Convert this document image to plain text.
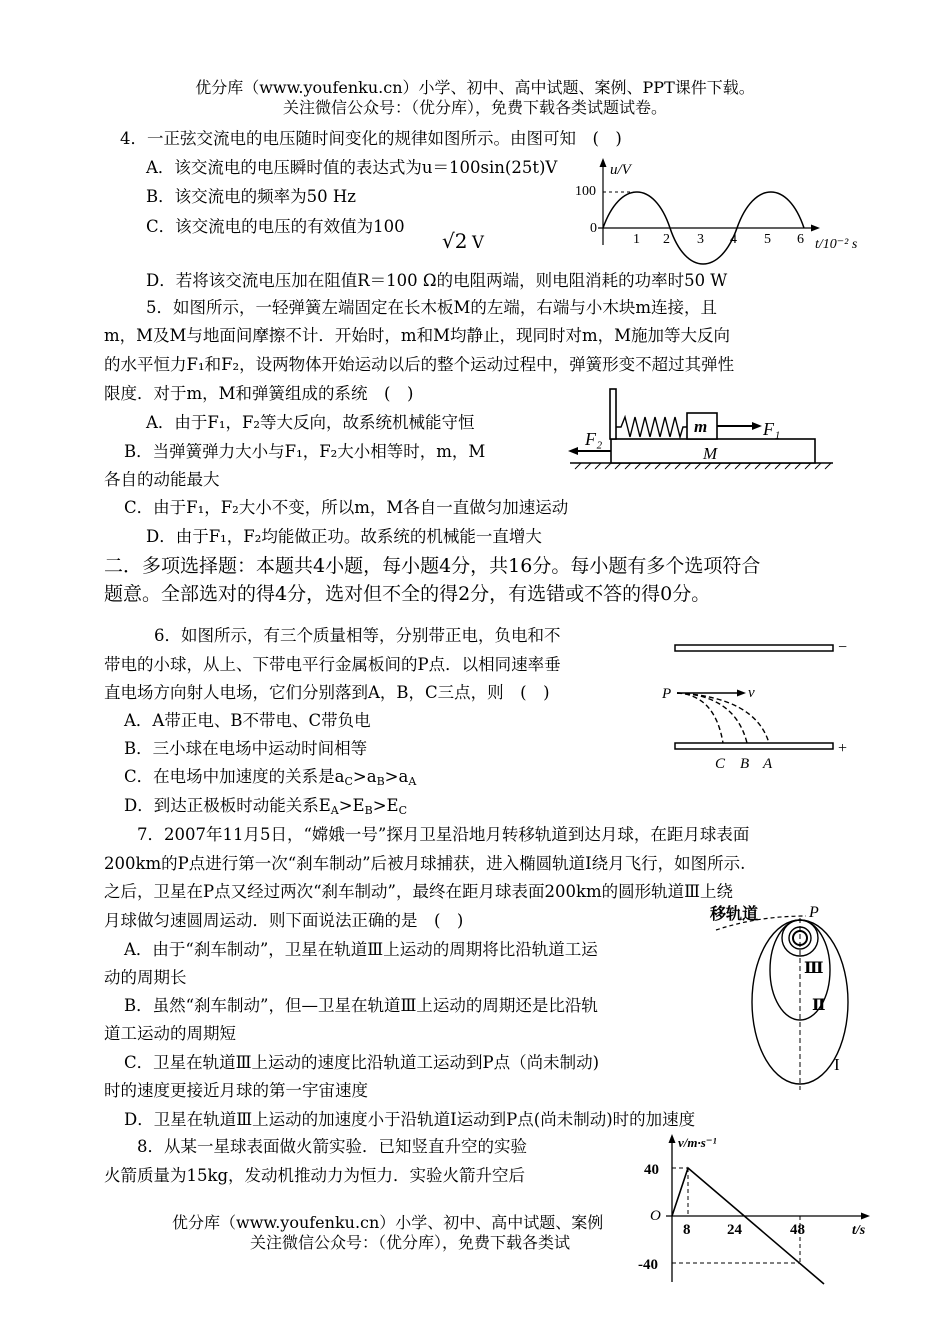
优分库（www.youfenku.cn）小学、初中、高中试题、案例、PPT课件下载。
关注微信公众号：（优分库），免费下载各类试题试卷。
4．一正弦交流电的电压随时间变化的规律如图所示。由图可知　(　)
A．该交流电的电压瞬时值的表达式为u＝100sin(25t)V
B．该交流电的频率为50 Hz
C．该交流电的电压的有效值为100
√2 V
D．若将该交流电压加在阻值R＝100 Ω的电阻两端，则电阻消耗的功率时50 W
u/V
100
0
1 2 3 4 5 6 t/10⁻² s
5．如图所示，一轻弹簧左端固定在长木板M的左端，右端与小木块m连接，且
m，M及M与地面间摩擦不计．开始时，m和M均静止，现同时对m，M施加等大反向
的水平恒力F₁和F₂，设两物体开始运动以后的整个运动过程中，弹簧形变不超过其弹性
限度．对于m，M和弹簧组成的系统　(　)
A．由于F₁，F₂等大反向，故系统机械能守恒
B．当弹簧弹力大小与F₁，F₂大小相等时，m，M
各自的动能最大
C．由于F₁，F₂大小不变，所以m，M各自一直做匀加速运动
D．由于F₁，F₂均能做正功。故系统的机械能一直增大
m	F₁
M
F₂
二．多项选择题：本题共4小题，每小题4分，共16分。每小题有多个选项符合
题意。全部选对的得4分，选对但不全的得2分，有选错或不答的得0分。
6．如图所示，有三个质量相等，分别带正电，负电和不
带电的小球，从上、下带电平行金属板间的P点．以相同速率垂
直电场方向射人电场，它们分别落到A，B，C三点，则　(　)
A．A带正电、B不带电、C带负电
B．三小球在电场中运动时间相等
C．在电场中加速度的关系是$a_C>a_B>a_A$
D．到达正极板时动能关系$E_A>E_B>E_C$
−
+
P	v
C B A
7．2007年11月5日，“嫦娥一号”探月卫星沿地月转移轨道到达月球，在距月球表面
200km的P点进行第一次“刹车制动”后被月球捕获，进入椭圆轨道I绕月飞行，如图所示.
之后，卫星在P点又经过两次“刹车制动”，最终在距月球表面200km的圆形轨道Ⅲ上绕
月球做匀速圆周运动．则下面说法正确的是　(　)
A．由于“刹车制动”，卫星在轨道Ⅲ上运动的周期将比沿轨道工运
动的周期长
B．虽然“刹车制动”，但—卫星在轨道Ⅲ上运动的周期还是比沿轨
道工运动的周期短
C．卫星在轨道Ⅲ上运动的速度比沿轨道工运动到P点（尚未制动)
时的速度更接近月球的第一宇宙速度
D．卫星在轨道Ⅲ上运动的加速度小于沿轨道I运动到P点(尚未制动)时的加速度
移轨道	P
Ⅲ
Ⅱ
I
8．从某一星球表面做火箭实验．已知竖直升空的实验
火箭质量为15kg，发动机推动力为恒力．实验火箭升空后
优分库（www.youfenku.cn）小学、初中、高中试题、案例
关注微信公众号：（优分库），免费下载各类试
v/m·s⁻¹
40
-40
O
8 24	48	t/s
